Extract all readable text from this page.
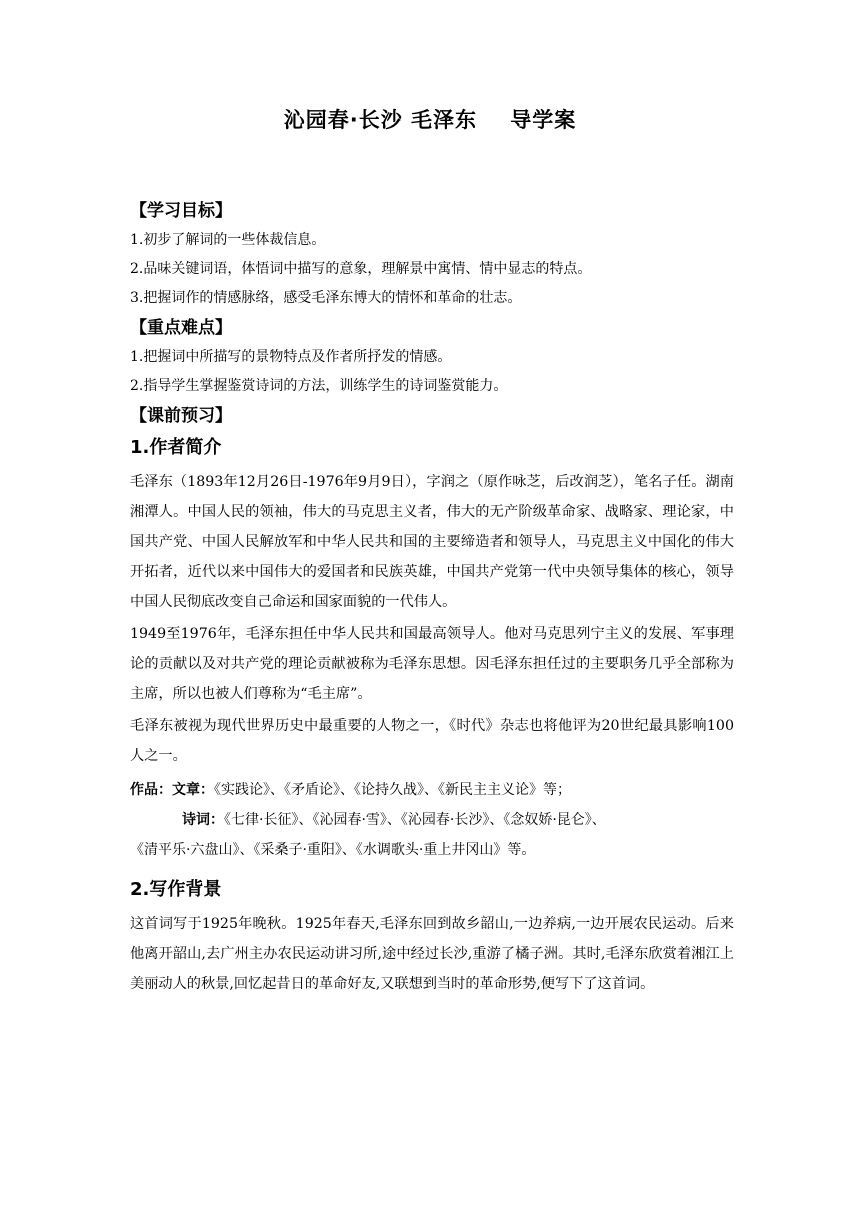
沁园春·长沙 毛泽东    导学案

【学习目标】

1.初步了解词的一些体裁信息。

2.品味关键词语，体悟词中描写的意象，理解景中寓情、情中显志的特点。

3.把握词作的情感脉络，感受毛泽东博大的情怀和革命的壮志。

【重点难点】

1.把握词中所描写的景物特点及作者所抒发的情感。

2.指导学生掌握鉴赏诗词的方法，训练学生的诗词鉴赏能力。

【课前预习】

1.作者简介

毛泽东（1893年12月26日-1976年9月9日），字润之（原作咏芝，后改润芝），笔名子任。湖南湘潭人。中国人民的领袖，伟大的马克思主义者，伟大的无产阶级革命家、战略家、理论家，中国共产党、中国人民解放军和中华人民共和国的主要缔造者和领导人，马克思主义中国化的伟大开拓者，近代以来中国伟大的爱国者和民族英雄，中国共产党第一代中央领导集体的核心，领导中国人民彻底改变自己命运和国家面貌的一代伟人。

1949至1976年，毛泽东担任中华人民共和国最高领导人。他对马克思列宁主义的发展、军事理论的贡献以及对共产党的理论贡献被称为毛泽东思想。因毛泽东担任过的主要职务几乎全部称为主席，所以也被人们尊称为“毛主席”。

毛泽东被视为现代世界历史中最重要的人物之一，《时代》杂志也将他评为20世纪最具影响100人之一。

作品：文章：《实践论》、《矛盾论》、《论持久战》、《新民主主义论》等；

诗词：《七律·长征》、《沁园春·雪》、《沁园春·长沙》、《念奴娇·昆仑》、

《清平乐·六盘山》、《采桑子·重阳》、《水调歌头·重上井冈山》等。

2.写作背景

这首词写于1925年晚秋。1925年春天,毛泽东回到故乡韶山,一边养病,一边开展农民运动。后来他离开韶山,去广州主办农民运动讲习所,途中经过长沙,重游了橘子洲。其时,毛泽东欣赏着湘江上美丽动人的秋景,回忆起昔日的革命好友,又联想到当时的革命形势,便写下了这首词。
